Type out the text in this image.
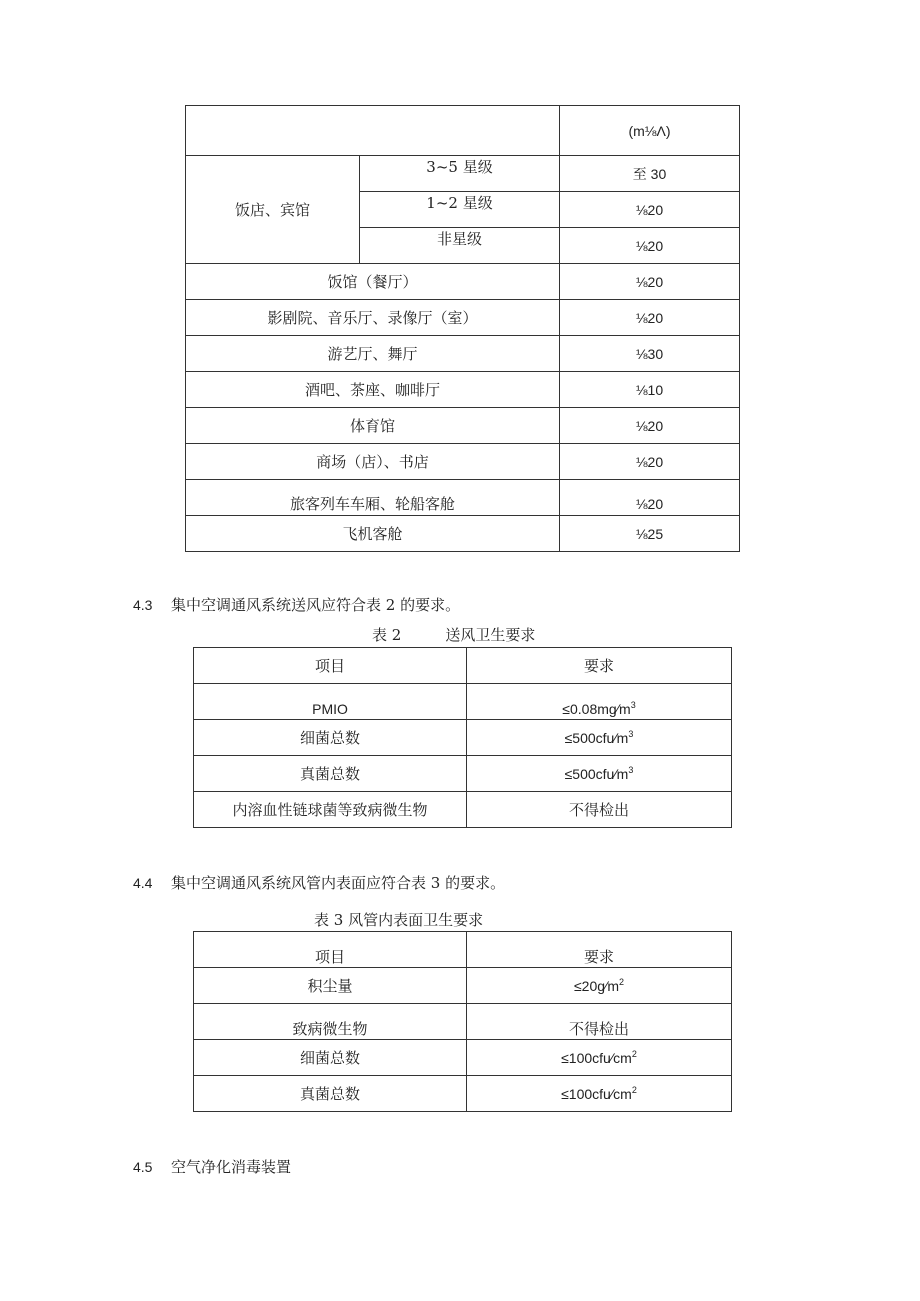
		(m⅛Λ)
饭店、宾馆	3~5 星级	至 30
	1~2 星级	⅛20
	非星级	⅛20
饭馆（餐厅）		⅛20
影剧院、音乐厅、录像厅（室）		⅛20
游艺厅、舞厅		⅛30
酒吧、茶座、咖啡厅		⅛10
体育馆		⅛20
商场（店）、书店		⅛20
旅客列车车厢、轮船客舱		⅛20
飞机客舱		⅛25
4.3 集中空调通风系统送风应符合表 2 的要求。
表 2	送风卫生要求
项目	要求
PMIO	$\le 0.08mg∕m^3$
细菌总数	$\le 500cfu∕m^3$
真菌总数	$\le 500cfu∕m^3$
内溶血性链球菌等致病微生物	不得检出
4.4 集中空调通风系统风管内表面应符合表 3 的要求。
表 3 风管内表面卫生要求
项目	要求
积尘量	$\le 20g∕m^2$
致病微生物	不得检出
细菌总数	$\le 100cfu∕cm^2$
真菌总数	$\le 100cfu∕cm^2$
4.5 空气净化消毒装置
